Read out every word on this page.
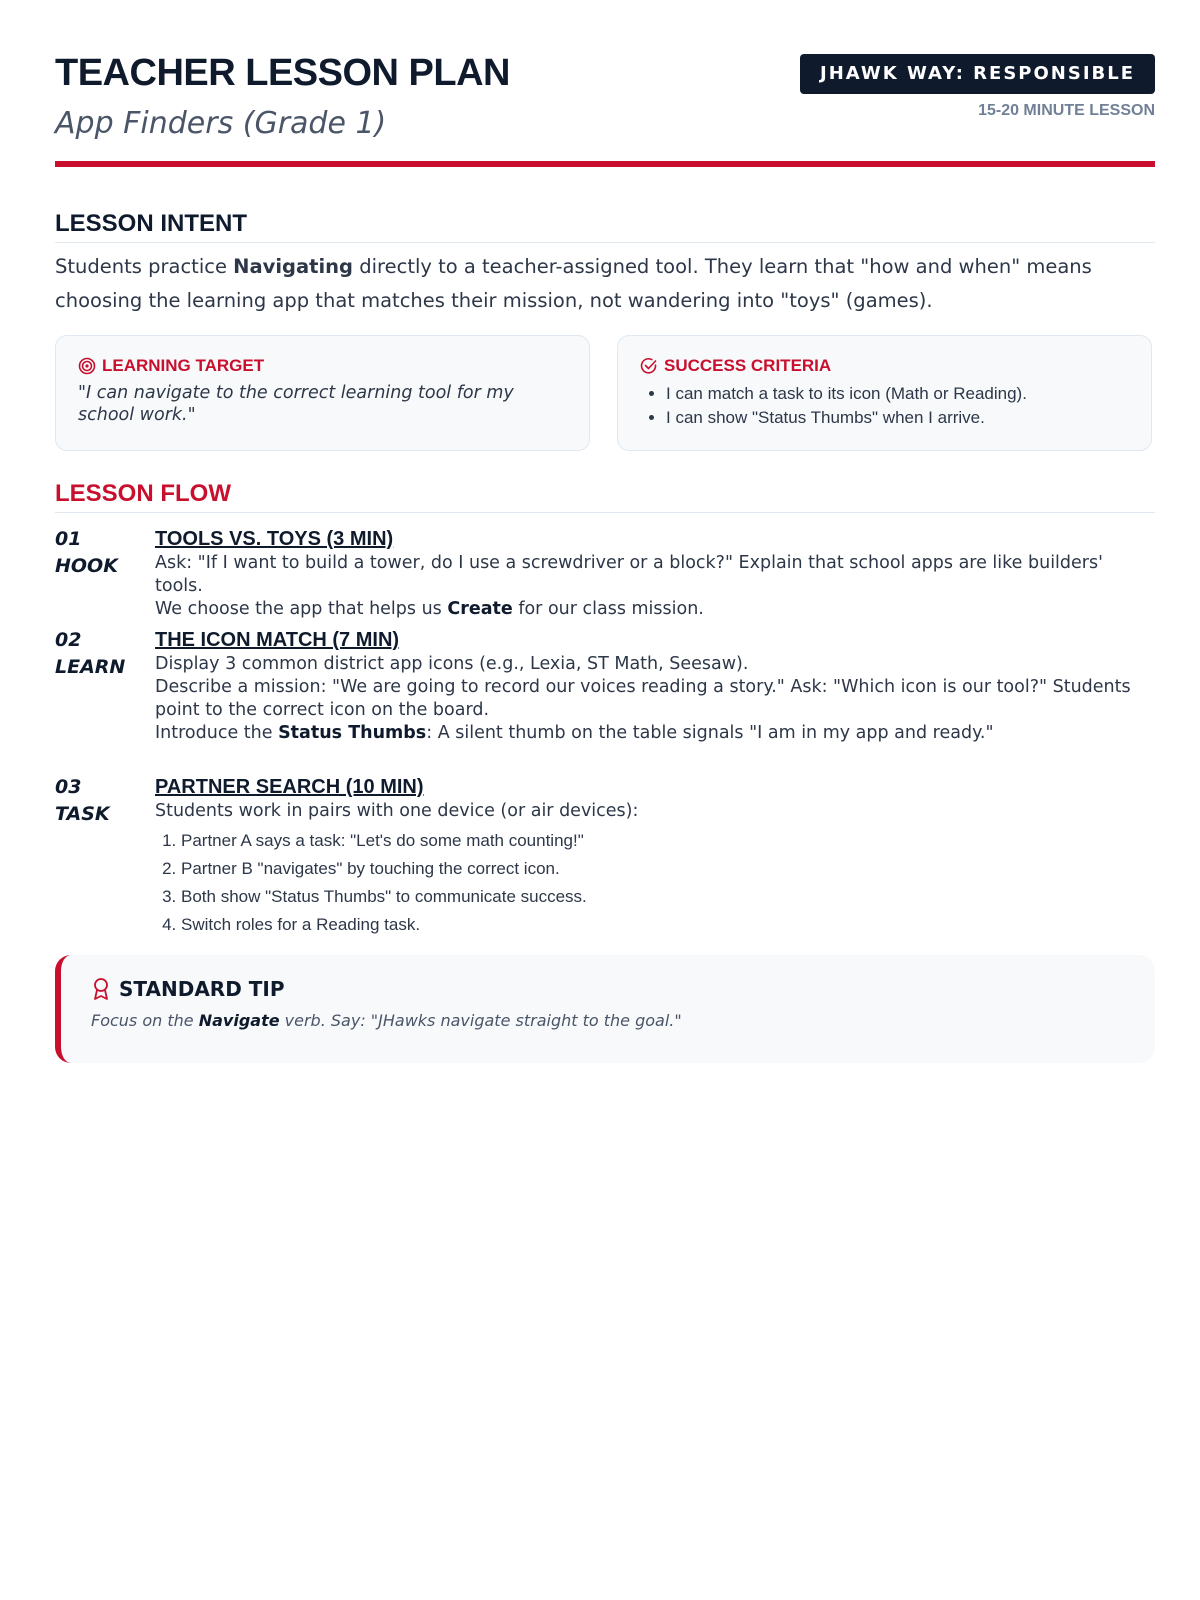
TEACHER LESSON PLAN
App Finders (Grade 1)
JHAWK WAY: RESPONSIBLE
15-20 MINUTE LESSON
LESSON INTENT

Students practice Navigating directly to a teacher-assigned tool. They learn that "how and when" means choosing the learning app that matches their mission, not wandering into "toys" (games).

LEARNING TARGET
"I can navigate to the correct learning tool for my school work."
SUCCESS CRITERIA
• I can match a task to its icon (Math or Reading).
• I can show "Status Thumbs" when I arrive.
LESSON FLOW
01
HOOK
TOOLS VS. TOYS (3 MIN)
Ask: "If I want to build a tower, do I use a screwdriver or a block?" Explain that school apps are like builders' tools.
We choose the app that helps us Create for our class mission.
02
LEARN
THE ICON MATCH (7 MIN)
Display 3 common district app icons (e.g., Lexia, ST Math, Seesaw).
Describe a mission: "We are going to record our voices reading a story." Ask: "Which icon is our tool?" Students point to the correct icon on the board.
Introduce the Status Thumbs: A silent thumb on the table signals "I am in my app and ready."
03
TASK
PARTNER SEARCH (10 MIN)
Students work in pairs with one device (or air devices):
1. Partner A says a task: "Let's do some math counting!"
2. Partner B "navigates" by touching the correct icon.
3. Both show "Status Thumbs" to communicate success.
4. Switch roles for a Reading task.
STANDARD TIP
Focus on the Navigate verb. Say: "JHawks navigate straight to the goal."
